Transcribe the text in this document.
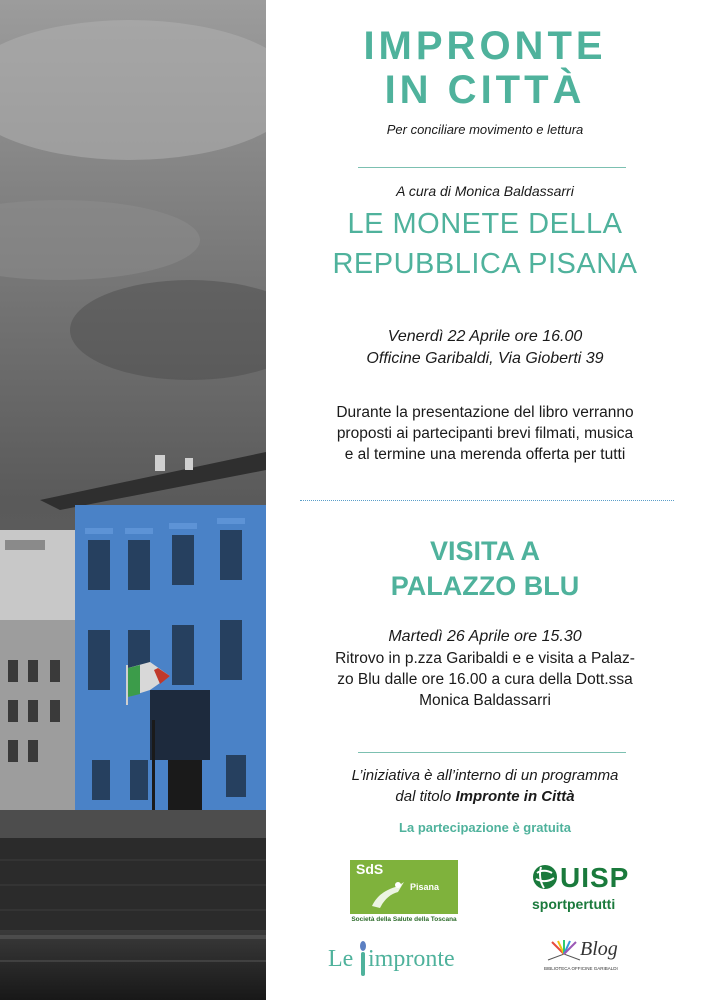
IMPRONTE
IN CITTÀ
Per conciliare movimento e lettura
A cura di Monica Baldassarri
LE MONETE DELLA
REPUBBLICA PISANA
Venerdì 22 Aprile ore 16.00
Officine Garibaldi, Via Gioberti 39
Durante la presentazione del libro verranno
proposti ai partecipanti brevi filmati, musica
e al termine una merenda offerta per tutti
VISITA A
PALAZZO BLU
Martedì 26 Aprile ore 15.30
Ritrovo in p.zza Garibaldi e e visita a Palaz-
zo Blu dalle ore 16.00 a cura della Dott.ssa
Monica Baldassarri
L’iniziativa è all’interno di un programma
dal titolo Impronte in Città
La partecipazione è gratuita
SdS
Pisana
Società della Salute della Toscana
UISP
sportpertutti
Le impronte	Blog
BIBLIOTECA OFFICINE GARIBALDI
